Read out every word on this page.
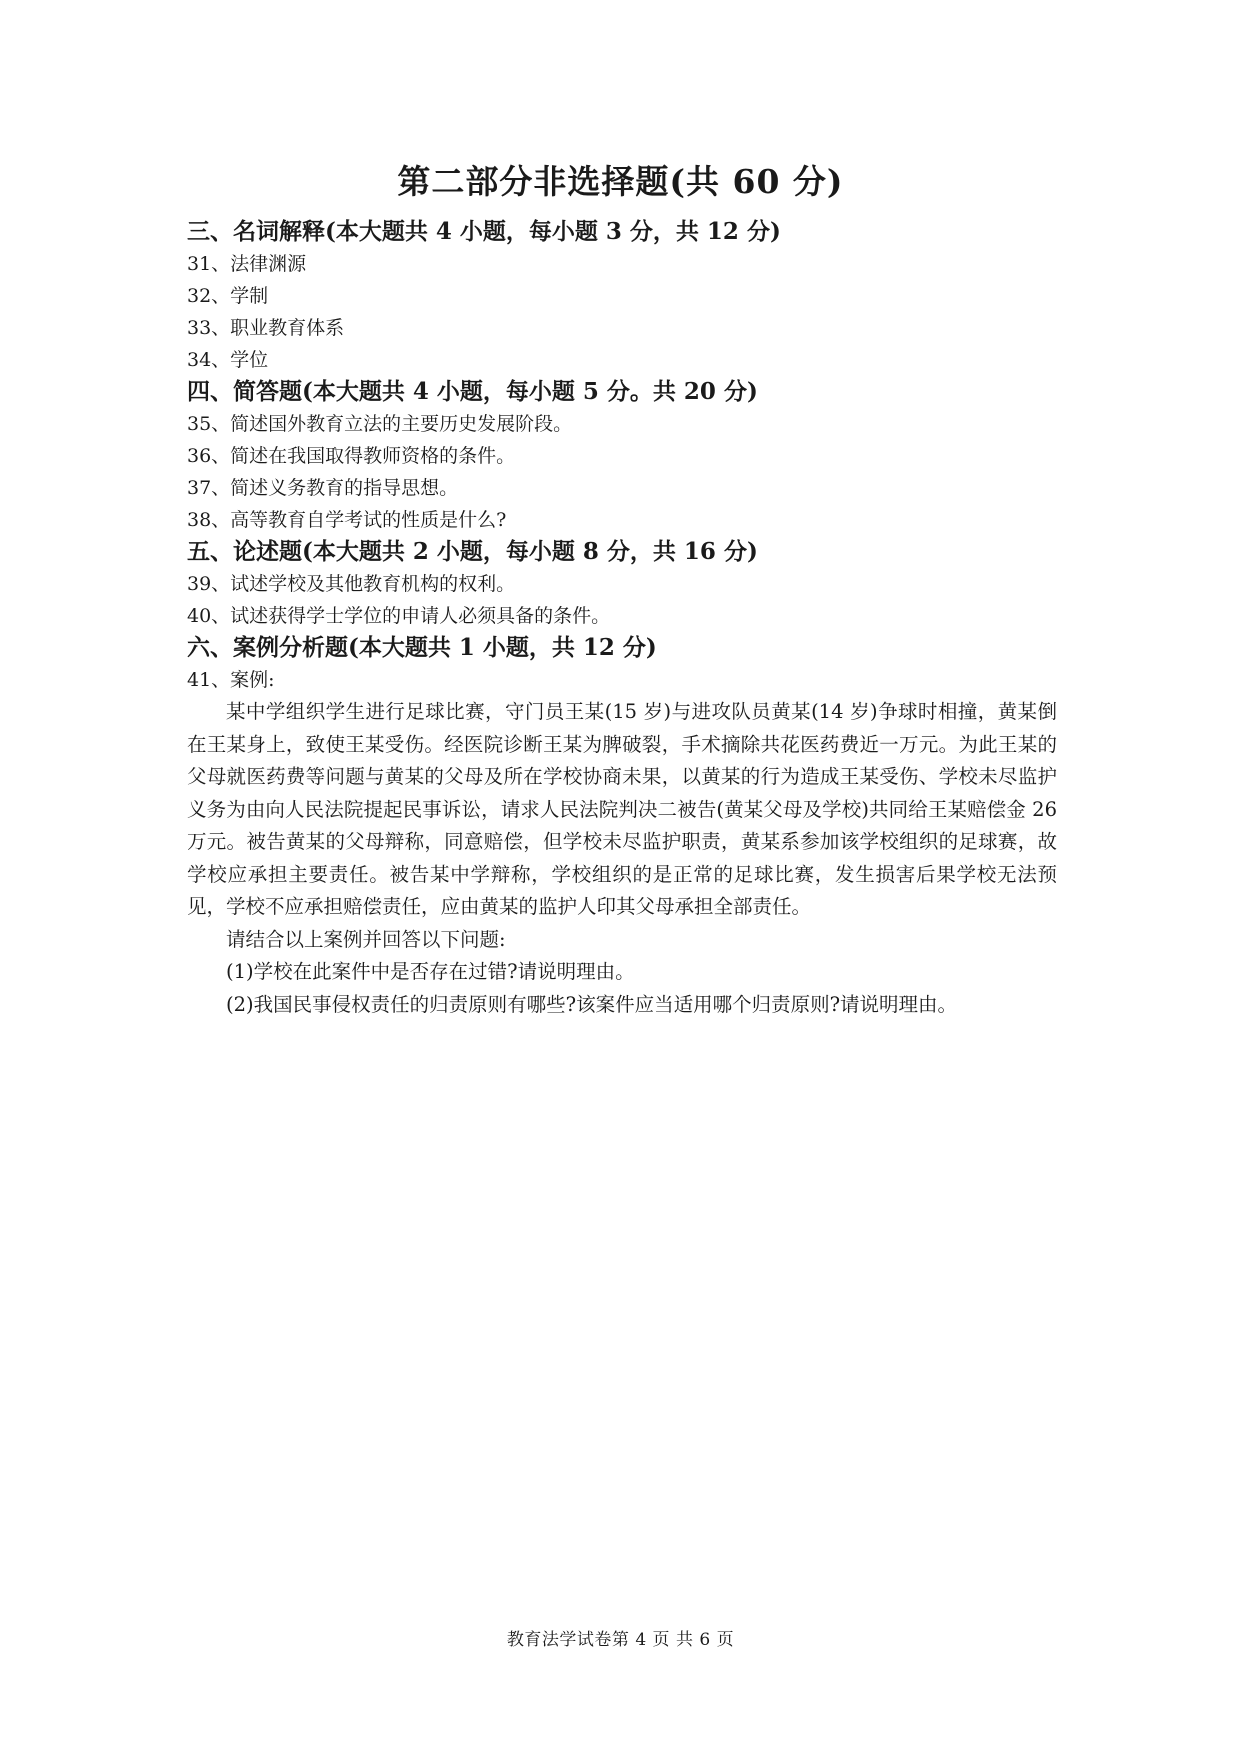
第二部分非选择题(共 60 分)
三、名词解释(本大题共 4 小题，每小题 3 分，共 12 分)
31、法律渊源
32、学制
33、职业教育体系
34、学位
四、简答题(本大题共 4 小题，每小题 5 分。共 20 分)
35、简述国外教育立法的主要历史发展阶段。
36、简述在我国取得教师资格的条件。
37、简述义务教育的指导思想。
38、高等教育自学考试的性质是什么?
五、论述题(本大题共 2 小题，每小题 8 分，共 16 分)
39、试述学校及其他教育机构的权利。
40、试述获得学士学位的申请人必须具备的条件。
六、案例分析题(本大题共 1 小题，共 12 分)
41、案例:

某中学组织学生进行足球比赛，守门员王某(15 岁)与进攻队员黄某(14 岁)争球时相撞，黄某倒在王某身上，致使王某受伤。经医院诊断王某为脾破裂，手术摘除共花医药费近一万元。为此王某的父母就医药费等问题与黄某的父母及所在学校协商未果，以黄某的行为造成王某受伤、学校未尽监护义务为由向人民法院提起民事诉讼，请求人民法院判决二被告(黄某父母及学校)共同给王某赔偿金 26 万元。被告黄某的父母辩称，同意赔偿，但学校未尽监护职责，黄某系参加该学校组织的足球赛，故学校应承担主要责任。被告某中学辩称，学校组织的是正常的足球比赛，发生损害后果学校无法预见，学校不应承担赔偿责任，应由黄某的监护人印其父母承担全部责任。

请结合以上案例并回答以下问题:
(1)学校在此案件中是否存在过错?请说明理由。
(2)我国民事侵权责任的归责原则有哪些?该案件应当适用哪个归责原则?请说明理由。
教育法学试卷第 4 页 共 6 页
